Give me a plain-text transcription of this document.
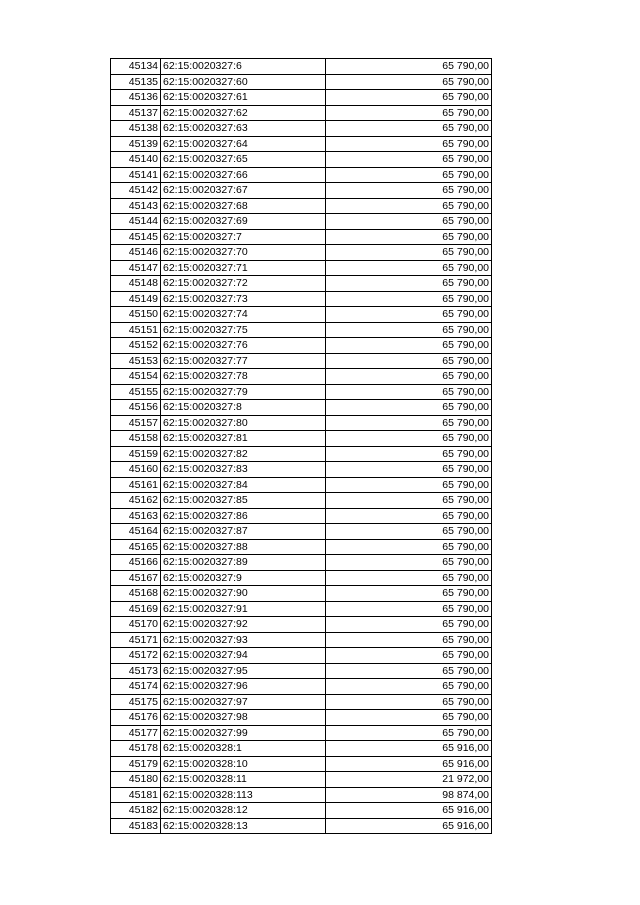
45134	62:15:0020327:6	65 790,00
45135	62:15:0020327:60	65 790,00
45136	62:15:0020327:61	65 790,00
45137	62:15:0020327:62	65 790,00
45138	62:15:0020327:63	65 790,00
45139	62:15:0020327:64	65 790,00
45140	62:15:0020327:65	65 790,00
45141	62:15:0020327:66	65 790,00
45142	62:15:0020327:67	65 790,00
45143	62:15:0020327:68	65 790,00
45144	62:15:0020327:69	65 790,00
45145	62:15:0020327:7	65 790,00
45146	62:15:0020327:70	65 790,00
45147	62:15:0020327:71	65 790,00
45148	62:15:0020327:72	65 790,00
45149	62:15:0020327:73	65 790,00
45150	62:15:0020327:74	65 790,00
45151	62:15:0020327:75	65 790,00
45152	62:15:0020327:76	65 790,00
45153	62:15:0020327:77	65 790,00
45154	62:15:0020327:78	65 790,00
45155	62:15:0020327:79	65 790,00
45156	62:15:0020327:8	65 790,00
45157	62:15:0020327:80	65 790,00
45158	62:15:0020327:81	65 790,00
45159	62:15:0020327:82	65 790,00
45160	62:15:0020327:83	65 790,00
45161	62:15:0020327:84	65 790,00
45162	62:15:0020327:85	65 790,00
45163	62:15:0020327:86	65 790,00
45164	62:15:0020327:87	65 790,00
45165	62:15:0020327:88	65 790,00
45166	62:15:0020327:89	65 790,00
45167	62:15:0020327:9	65 790,00
45168	62:15:0020327:90	65 790,00
45169	62:15:0020327:91	65 790,00
45170	62:15:0020327:92	65 790,00
45171	62:15:0020327:93	65 790,00
45172	62:15:0020327:94	65 790,00
45173	62:15:0020327:95	65 790,00
45174	62:15:0020327:96	65 790,00
45175	62:15:0020327:97	65 790,00
45176	62:15:0020327:98	65 790,00
45177	62:15:0020327:99	65 790,00
45178	62:15:0020328:1	65 916,00
45179	62:15:0020328:10	65 916,00
45180	62:15:0020328:11	21 972,00
45181	62:15:0020328:113	98 874,00
45182	62:15:0020328:12	65 916,00
45183	62:15:0020328:13	65 916,00
